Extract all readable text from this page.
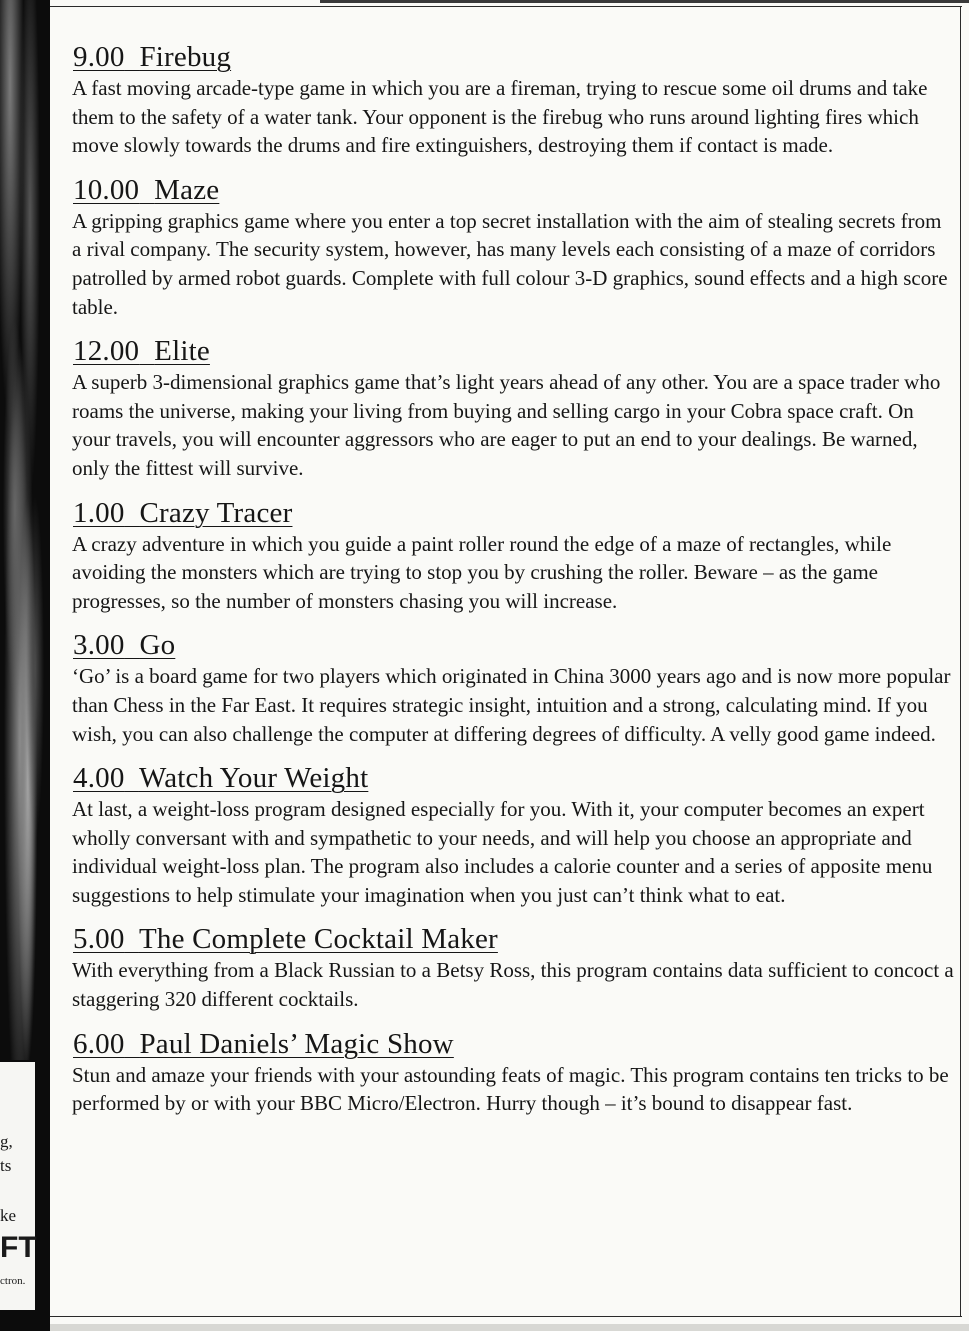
g,
ts
ke
FT
ctron.
9.00 Firebug

A fast moving arcade-type game in which you are a fireman, trying to rescue some oil drums and take them to the safety of a water tank. Your opponent is the firebug who runs around lighting fires which move slowly towards the drums and fire extinguishers, destroying them if contact is made.

10.00 Maze

A gripping graphics game where you enter a top secret installation with the aim of stealing secrets from a rival company. The security system, however, has many levels each consisting of a maze of corridors patrolled by armed robot guards. Complete with full colour 3-D graphics, sound effects and a high score table.

12.00 Elite

A superb 3-dimensional graphics game that’s light years ahead of any other. You are a space trader who roams the universe, making your living from buying and selling cargo in your Cobra space craft. On your travels, you will encounter aggressors who are eager to put an end to your dealings. Be warned, only the fittest will survive.

1.00 Crazy Tracer

A crazy adventure in which you guide a paint roller round the edge of a maze of rectangles, while avoiding the monsters which are trying to stop you by crushing the roller. Beware – as the game progresses, so the number of monsters chasing you will increase.

3.00 Go

‘Go’ is a board game for two players which originated in China 3000 years ago and is now more popular than Chess in the Far East. It requires strategic insight, intuition and a strong, calculating mind. If you wish, you can also challenge the computer at differing degrees of difficulty. A velly good game indeed.

4.00 Watch Your Weight

At last, a weight-loss program designed especially for you. With it, your computer becomes an expert wholly conversant with and sympathetic to your needs, and will help you choose an appropriate and individual weight-loss plan. The program also includes a calorie counter and a series of apposite menu suggestions to help stimulate your imagination when you just can’t think what to eat.

5.00 The Complete Cocktail Maker

With everything from a Black Russian to a Betsy Ross, this program contains data sufficient to concoct a staggering 320 different cocktails.

6.00 Paul Daniels’ Magic Show

Stun and amaze your friends with your astounding feats of magic. This program contains ten tricks to be performed by or with your BBC Micro/Electron. Hurry though – it’s bound to disappear fast.
